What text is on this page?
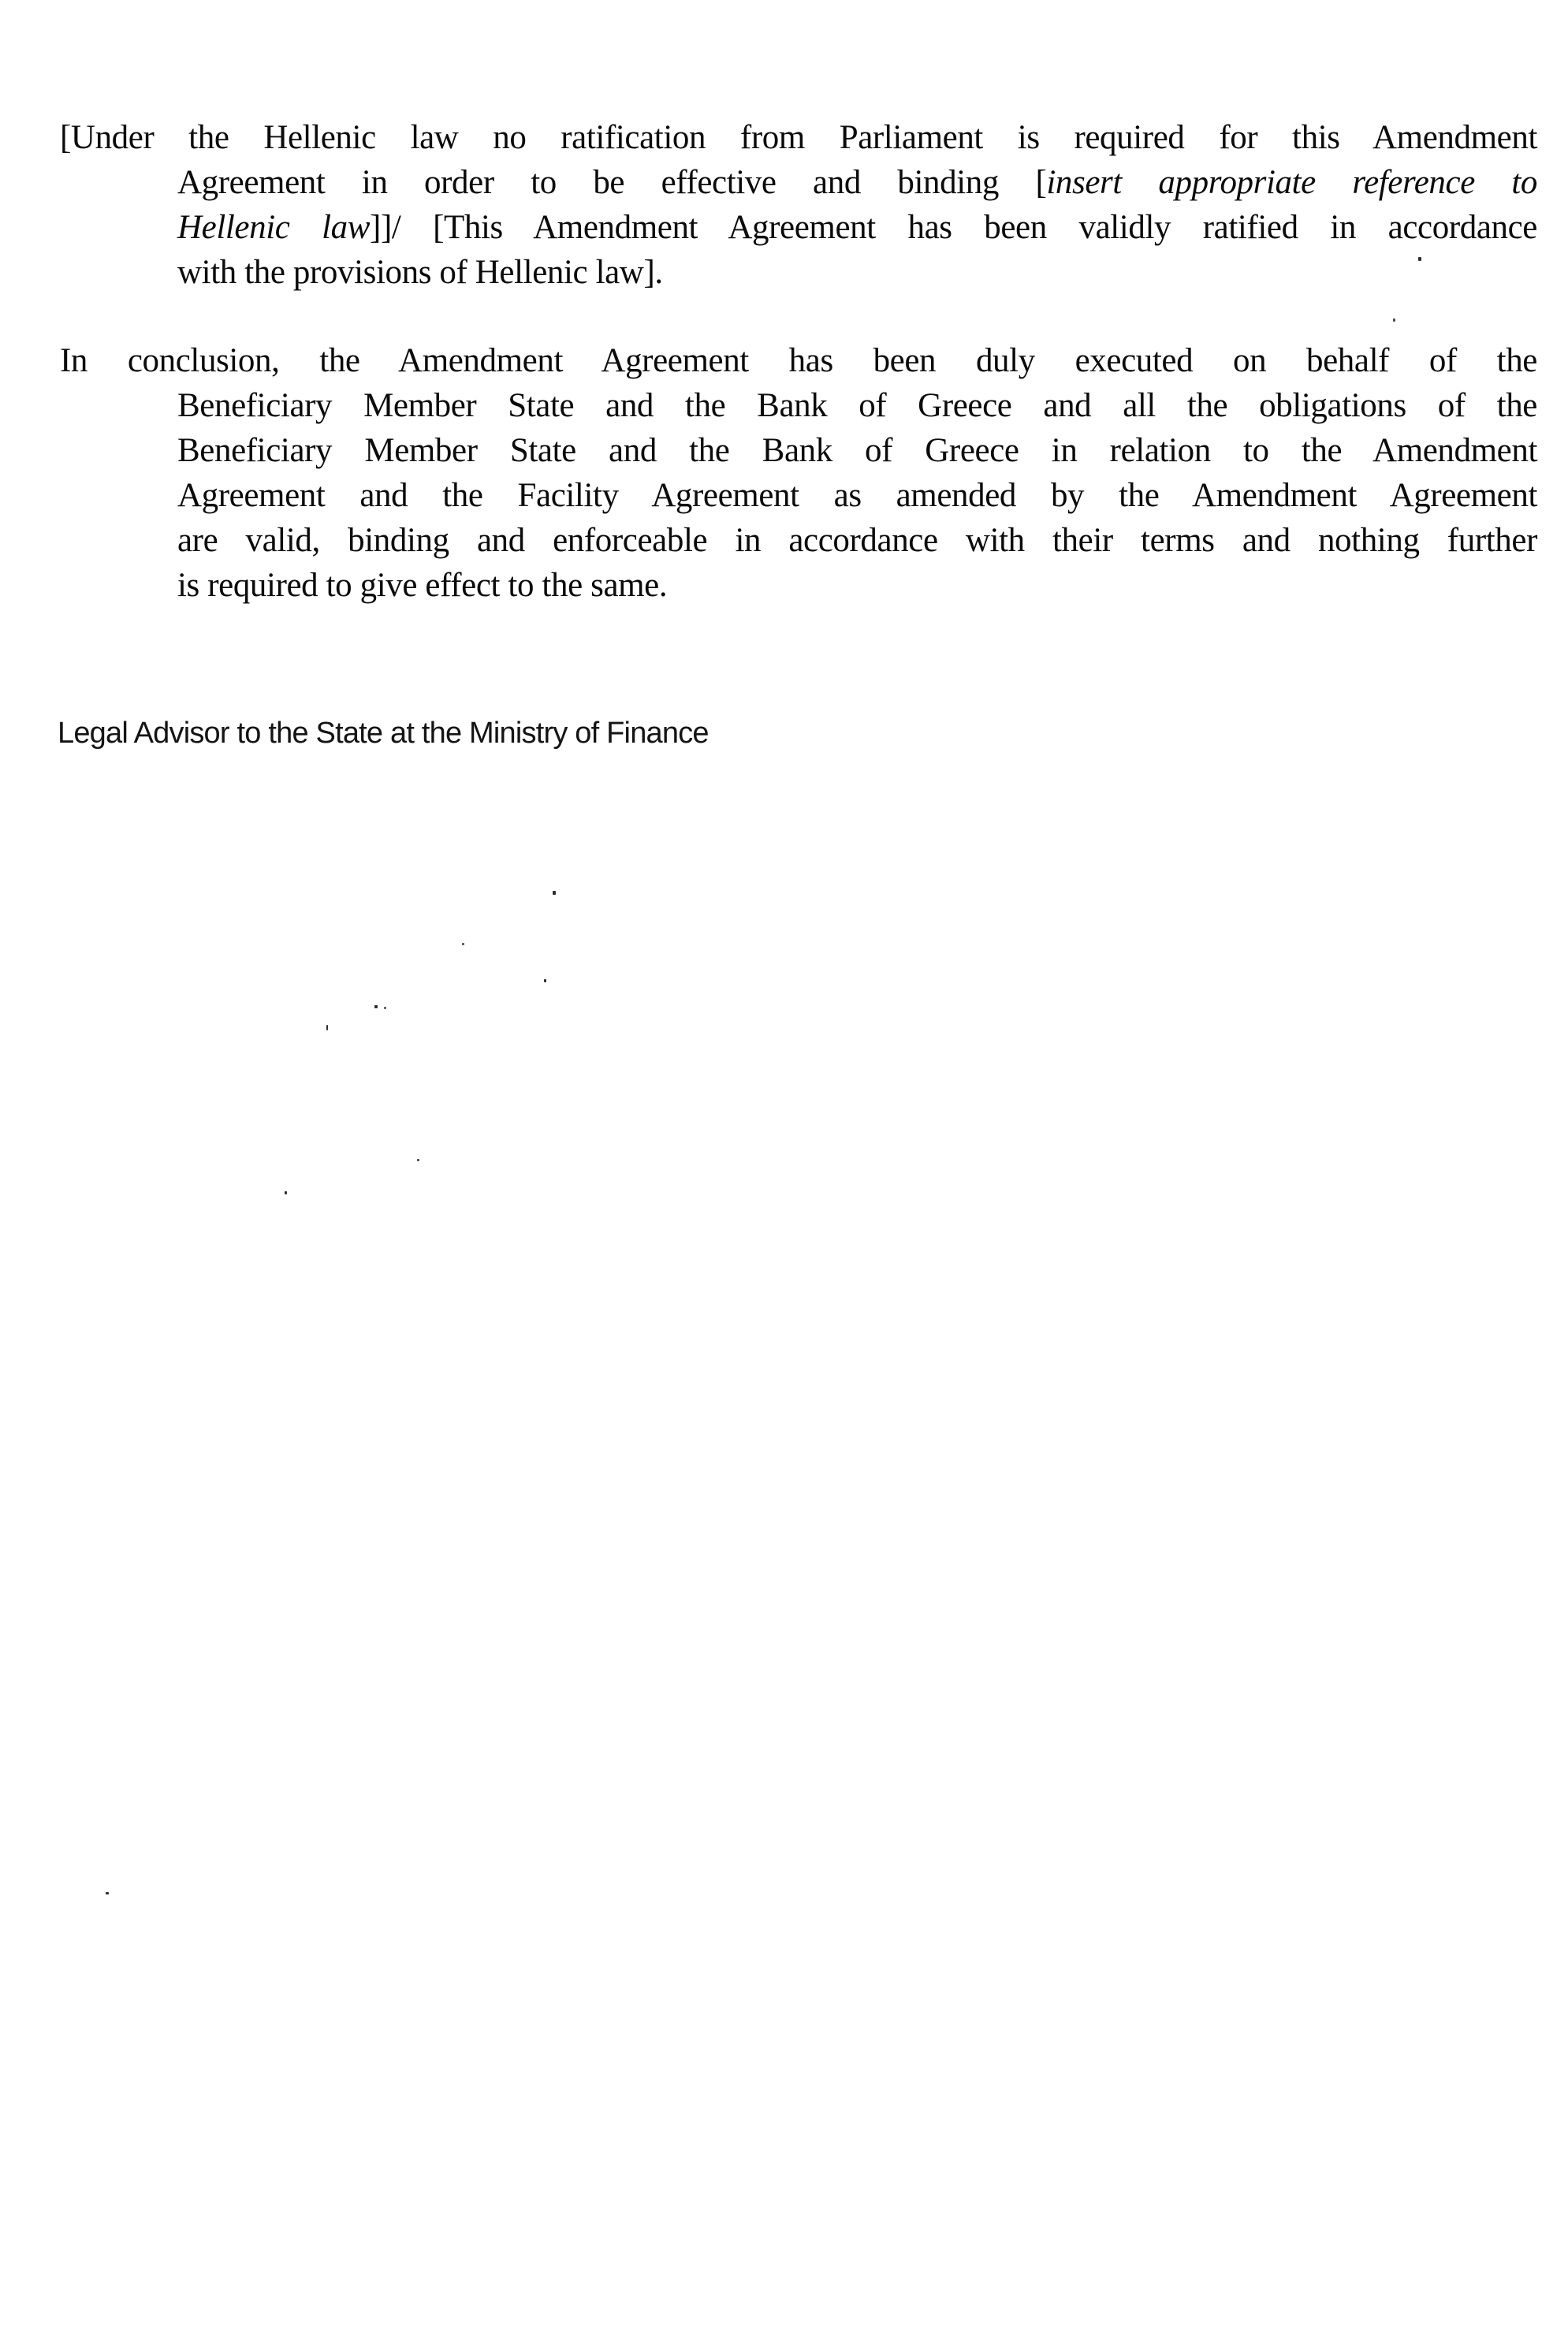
[Under the Hellenic law no ratification from Parliament is required for this Amendment
Agreement in order to be effective and binding [insert appropriate reference to
Hellenic law]]/ [This Amendment Agreement has been validly ratified in accordance
with the provisions of Hellenic law].
In conclusion, the Amendment Agreement has been duly executed on behalf of the
Beneficiary Member State and the Bank of Greece and all the obligations of the
Beneficiary Member State and the Bank of Greece in relation to the Amendment
Agreement and the Facility Agreement as amended by the Amendment Agreement
are valid, binding and enforceable in accordance with their terms and nothing further
is required to give effect to the same.
Legal Advisor to the State at the Ministry of Finance
